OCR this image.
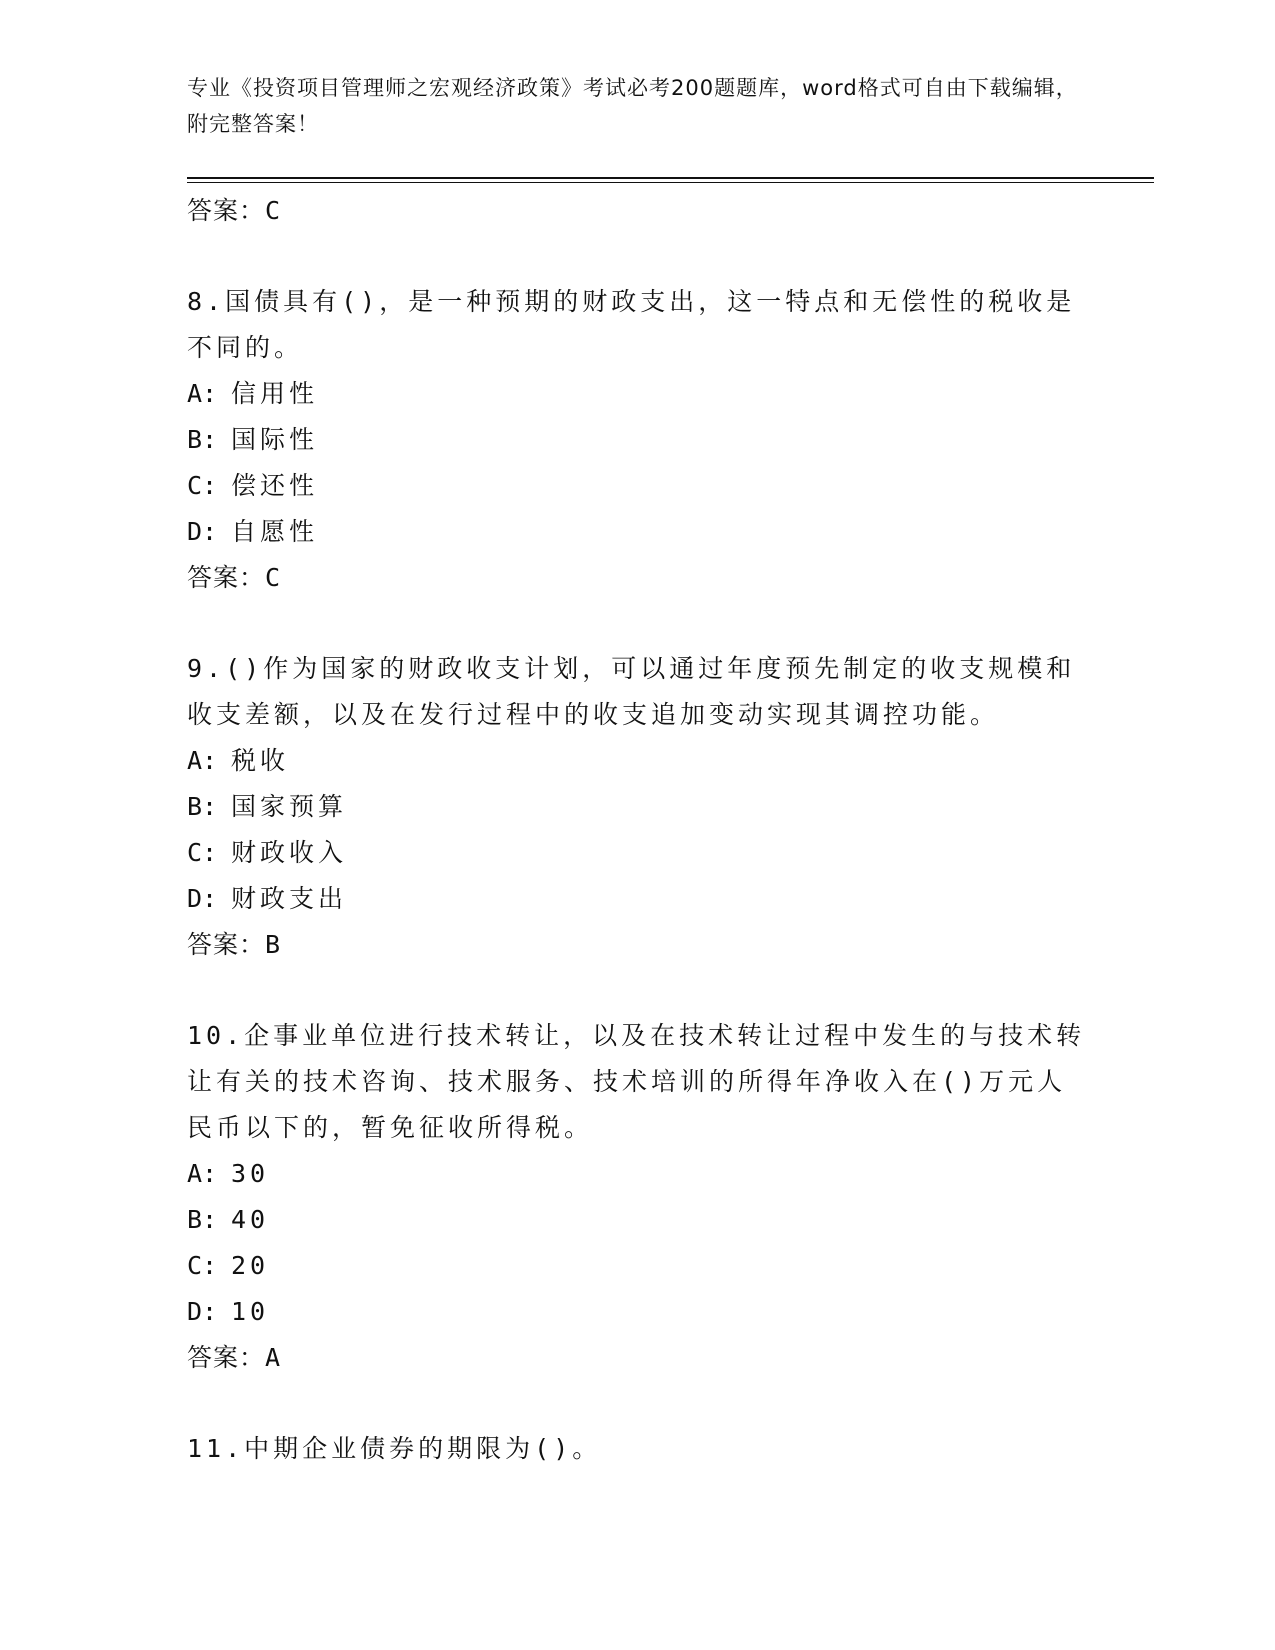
专业《投资项目管理师之宏观经济政策》考试必考200题题库，word格式可自由下载编辑，附完整答案！
答案：C
8.国债具有()，是一种预期的财政支出，这一特点和无偿性的税收是不同的。
A: 信用性
B: 国际性
C: 偿还性
D: 自愿性
答案：C
9.()作为国家的财政收支计划，可以通过年度预先制定的收支规模和收支差额，以及在发行过程中的收支追加变动实现其调控功能。
A: 税收
B: 国家预算
C: 财政收入
D: 财政支出
答案：B
10.企事业单位进行技术转让，以及在技术转让过程中发生的与技术转让有关的技术咨询、技术服务、技术培训的所得年净收入在()万元人民币以下的，暂免征收所得税。
A: 30
B: 40
C: 20
D: 10
答案：A
11.中期企业债券的期限为()。
